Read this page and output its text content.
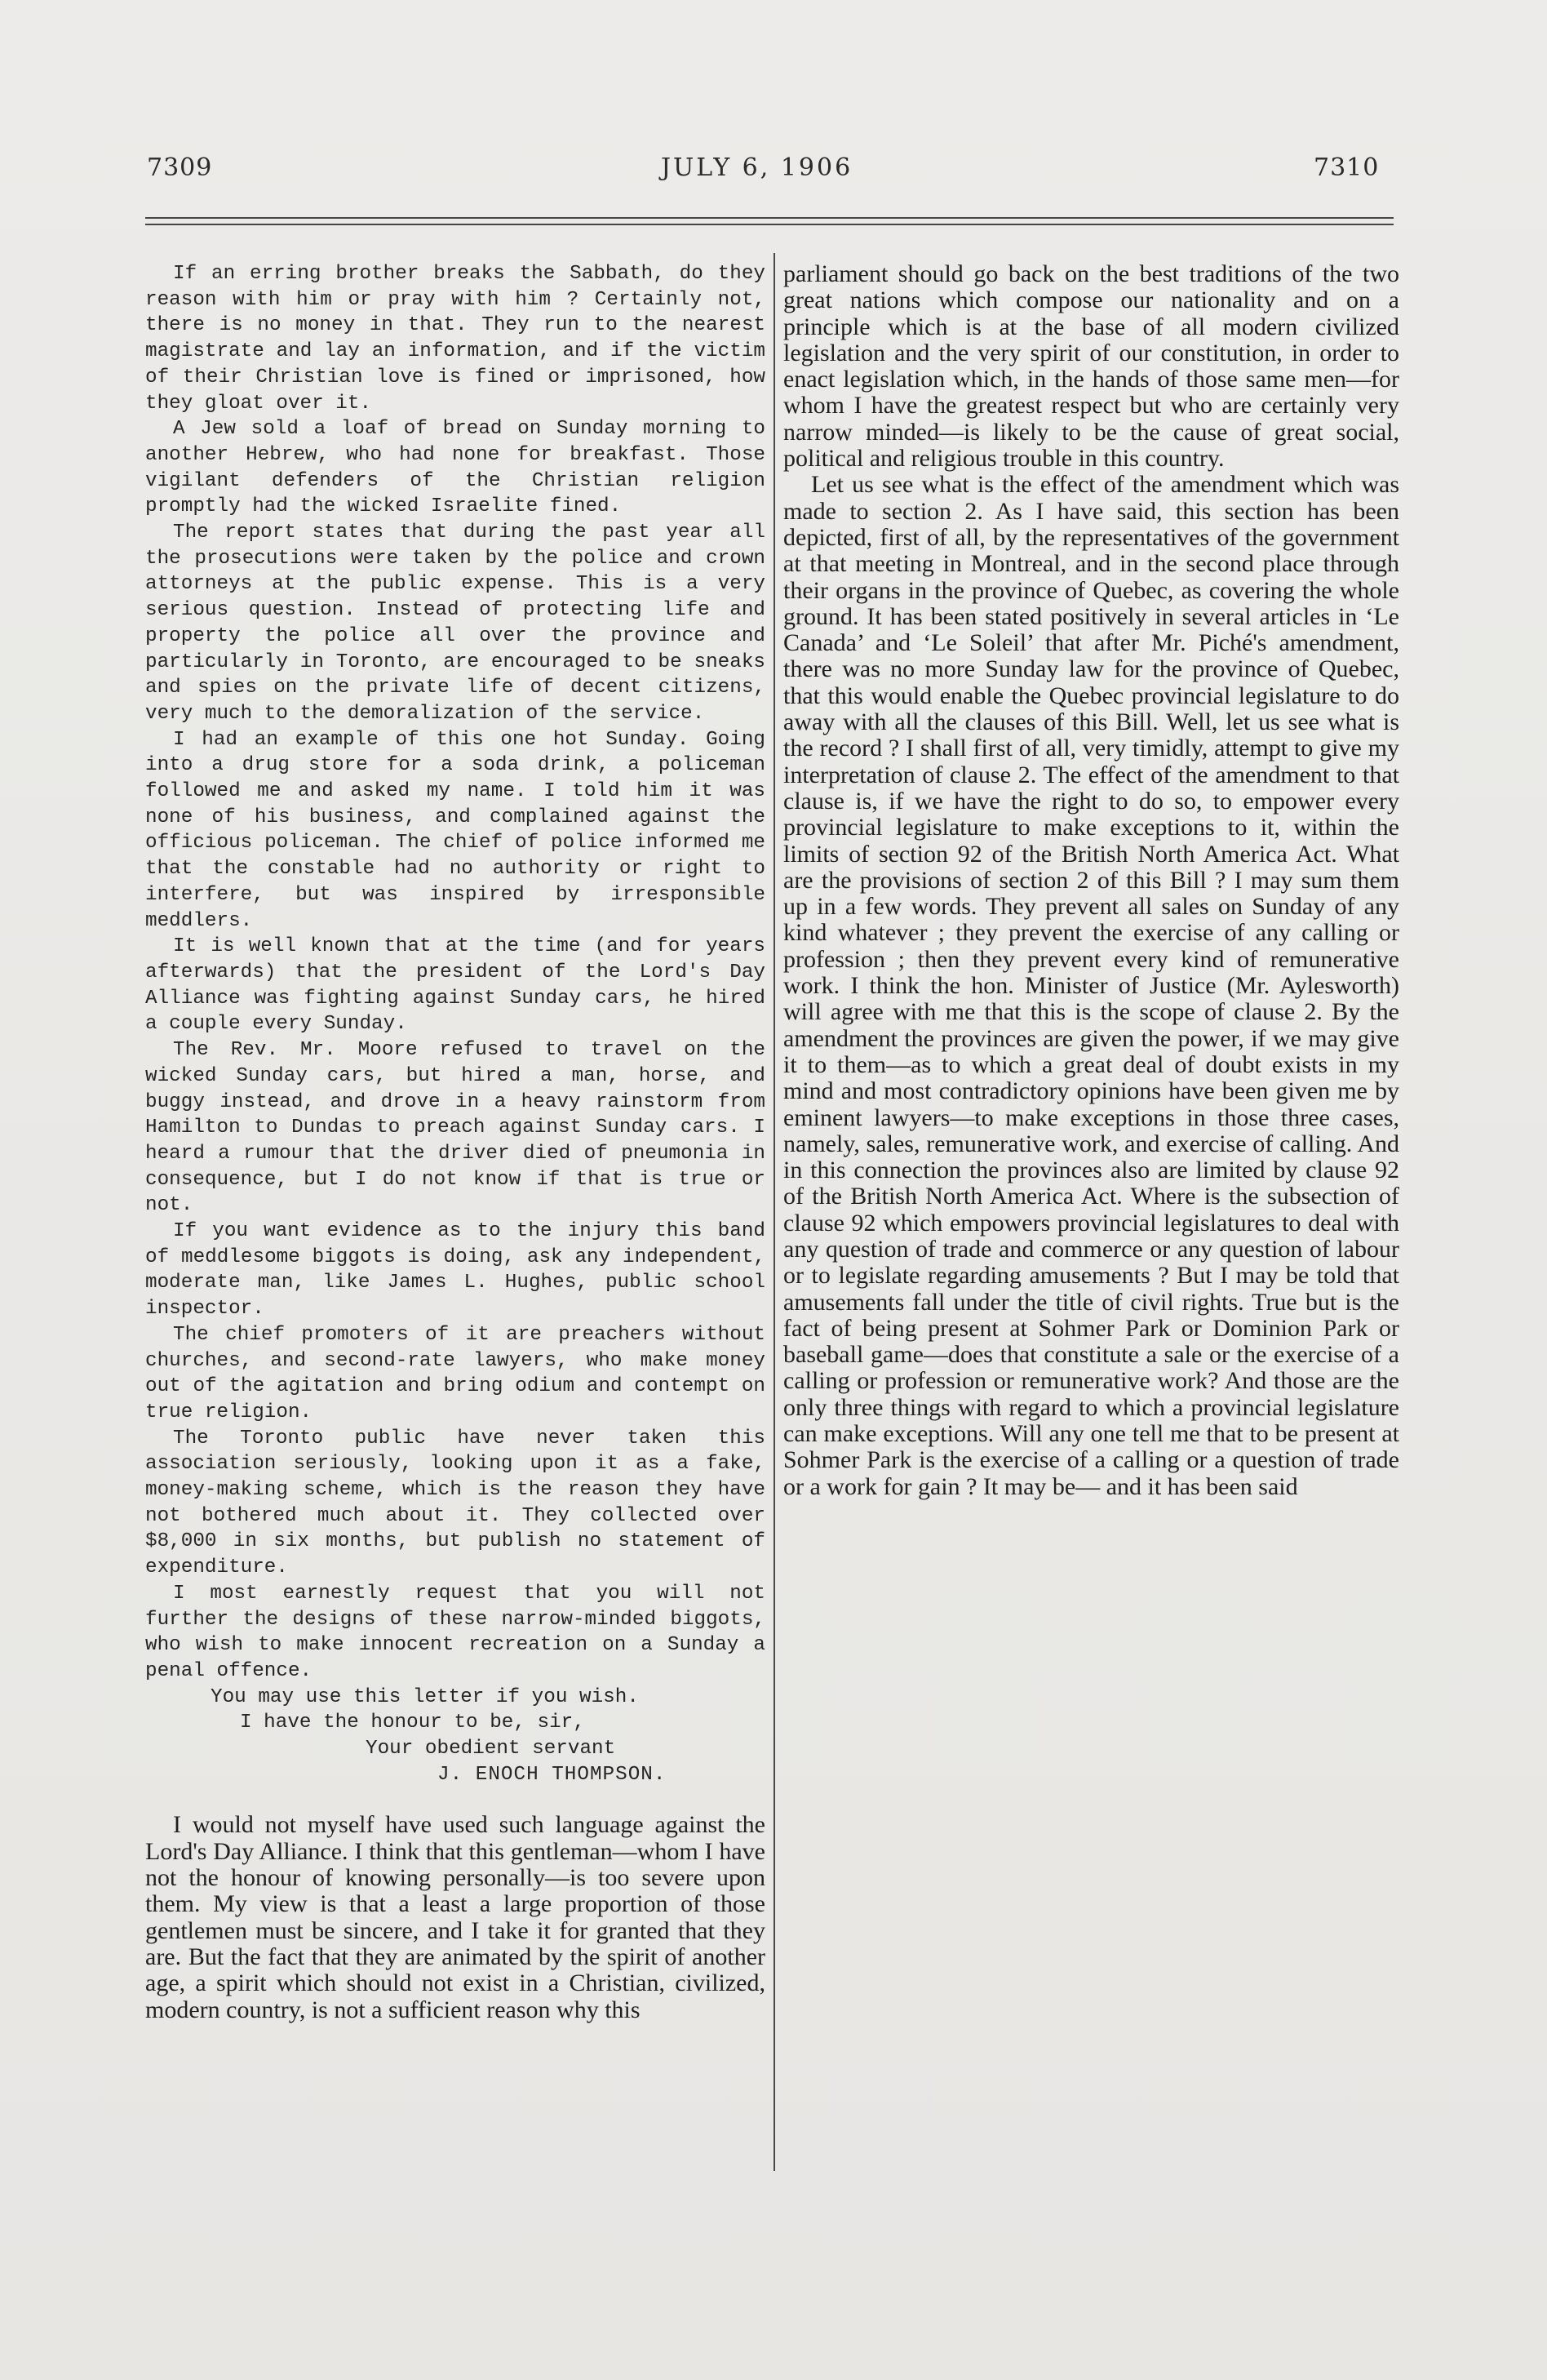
7309	JULY 6, 1906	7310

If an erring brother breaks the Sabbath, do they reason with him or pray with him ? Certainly not, there is no money in that. They run to the nearest magistrate and lay an information, and if the victim of their Christian love is fined or imprisoned, how they gloat over it.

A Jew sold a loaf of bread on Sunday morning to another Hebrew, who had none for breakfast. Those vigilant defenders of the Christian religion promptly had the wicked Israelite fined.

The report states that during the past year all the prosecutions were taken by the police and crown attorneys at the public expense. This is a very serious question. Instead of protecting life and property the police all over the province and particularly in Toronto, are encouraged to be sneaks and spies on the private life of decent citizens, very much to the demoralization of the service.

I had an example of this one hot Sunday. Going into a drug store for a soda drink, a policeman followed me and asked my name. I told him it was none of his business, and complained against the officious policeman. The chief of police informed me that the constable had no authority or right to interfere, but was inspired by irresponsible meddlers.

It is well known that at the time (and for years afterwards) that the president of the Lord's Day Alliance was fighting against Sunday cars, he hired a couple every Sunday.

The Rev. Mr. Moore refused to travel on the wicked Sunday cars, but hired a man, horse, and buggy instead, and drove in a heavy rainstorm from Hamilton to Dundas to preach against Sunday cars. I heard a rumour that the driver died of pneumonia in consequence, but I do not know if that is true or not.

If you want evidence as to the injury this band of meddlesome biggots is doing, ask any independent, moderate man, like James L. Hughes, public school inspector.

The chief promoters of it are preachers without churches, and second-rate lawyers, who make money out of the agitation and bring odium and contempt on true religion.

The Toronto public have never taken this association seriously, looking upon it as a fake, money-making scheme, which is the reason they have not bothered much about it. They collected over $8,000 in six months, but publish no statement of expenditure.

I most earnestly request that you will not further the designs of these narrow-minded biggots, who wish to make innocent recreation on a Sunday a penal offence.

You may use this letter if you wish.

I have the honour to be, sir,

Your obedient servant

J. ENOCH THOMPSON.

I would not myself have used such language against the Lord's Day Alliance. I think that this gentleman—whom I have not the honour of knowing personally—is too severe upon them. My view is that a least a large proportion of those gentlemen must be sincere, and I take it for granted that they are. But the fact that they are animated by the spirit of another age, a spirit which should not exist in a Christian, civilized, modern country, is not a sufficient reason why this

parliament should go back on the best traditions of the two great nations which compose our nationality and on a principle which is at the base of all modern civilized legislation and the very spirit of our constitution, in order to enact legislation which, in the hands of those same men—for whom I have the greatest respect but who are certainly very narrow minded—is likely to be the cause of great social, political and religious trouble in this country.

Let us see what is the effect of the amendment which was made to section 2. As I have said, this section has been depicted, first of all, by the representatives of the government at that meeting in Montreal, and in the second place through their organs in the province of Quebec, as covering the whole ground. It has been stated positively in several articles in ‘Le Canada’ and ‘Le Soleil’ that after Mr. Piché's amendment, there was no more Sunday law for the province of Quebec, that this would enable the Quebec provincial legislature to do away with all the clauses of this Bill. Well, let us see what is the record ? I shall first of all, very timidly, attempt to give my interpretation of clause 2. The effect of the amendment to that clause is, if we have the right to do so, to empower every provincial legislature to make exceptions to it, within the limits of section 92 of the British North America Act. What are the provisions of section 2 of this Bill ? I may sum them up in a few words. They prevent all sales on Sunday of any kind whatever ; they prevent the exercise of any calling or profession ; then they prevent every kind of remunerative work. I think the hon. Minister of Justice (Mr. Aylesworth) will agree with me that this is the scope of clause 2. By the amendment the provinces are given the power, if we may give it to them—as to which a great deal of doubt exists in my mind and most contradictory opinions have been given me by eminent lawyers—to make exceptions in those three cases, namely, sales, remunerative work, and exercise of calling. And in this connection the provinces also are limited by clause 92 of the British North America Act. Where is the subsection of clause 92 which empowers provincial legislatures to deal with any question of trade and commerce or any question of labour or to legislate regarding amusements ? But I may be told that amusements fall under the title of civil rights. True but is the fact of being present at Sohmer Park or Dominion Park or baseball game—does that constitute a sale or the exercise of a calling or profession or remunerative work? And those are the only three things with regard to which a provincial legislature can make exceptions. Will any one tell me that to be present at Sohmer Park is the exercise of a calling or a question of trade or a work for gain ? It may be— and it has been said
